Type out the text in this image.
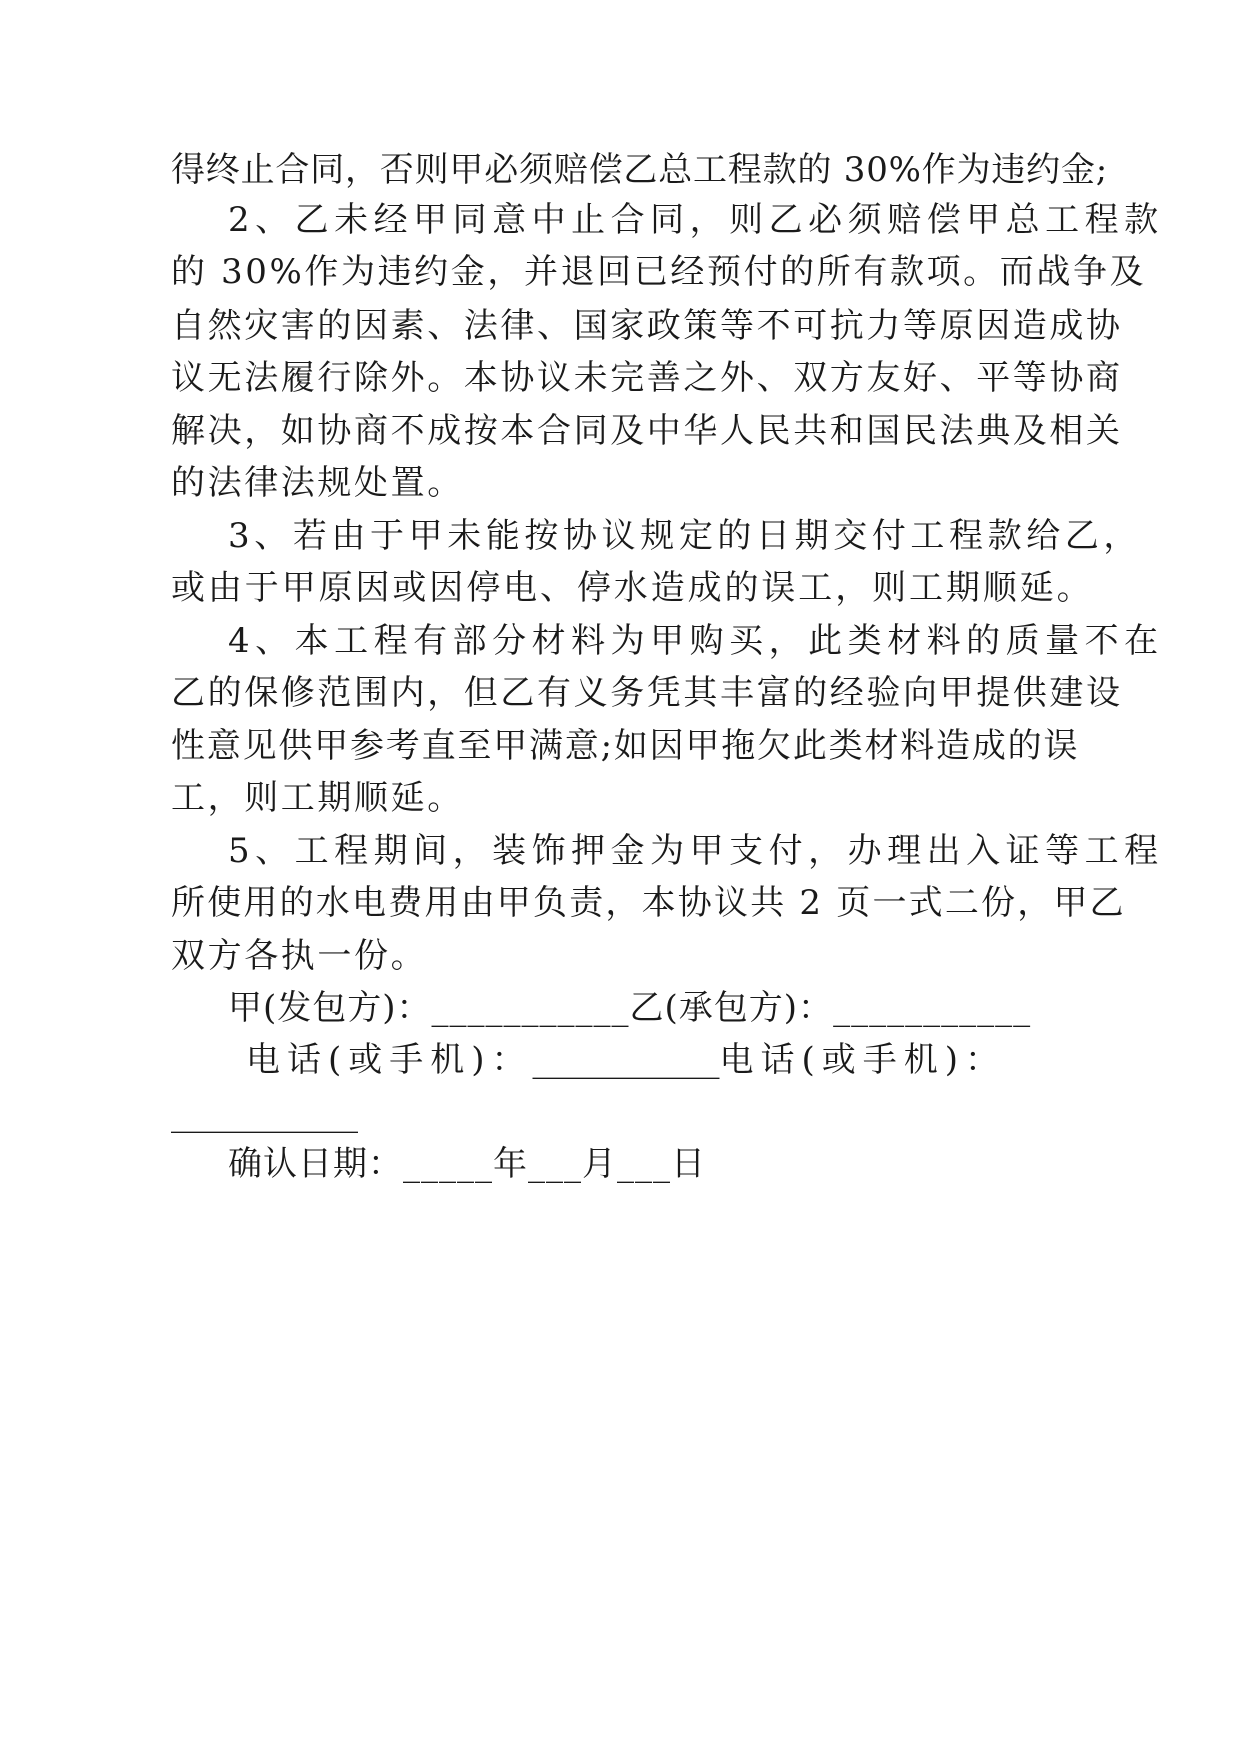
得终止合同，否则甲必须赔偿乙总工程款的 30%作为违约金;
2、乙未经甲同意中止合同，则乙必须赔偿甲总工程款
的 30%作为违约金，并退回已经预付的所有款项。而战争及
自然灾害的因素、法律、国家政策等不可抗力等原因造成协
议无法履行除外。本协议未完善之外、双方友好、平等协商
解决，如协商不成按本合同及中华人民共和国民法典及相关
的法律法规处置。
3、若由于甲未能按协议规定的日期交付工程款给乙，
或由于甲原因或因停电、停水造成的误工，则工期顺延。
4、本工程有部分材料为甲购买，此类材料的质量不在
乙的保修范围内，但乙有义务凭其丰富的经验向甲提供建设
性意见供甲参考直至甲满意;如因甲拖欠此类材料造成的误
工，则工期顺延。
5、工程期间，装饰押金为甲支付，办理出入证等工程
所使用的水电费用由甲负责，本协议共 2 页一式二份，甲乙
双方各执一份。
甲(发包方)：___________乙(承包方)：___________
电话(或手机)：___________电话(或手机)：
___________
确认日期：_____年___月___日
